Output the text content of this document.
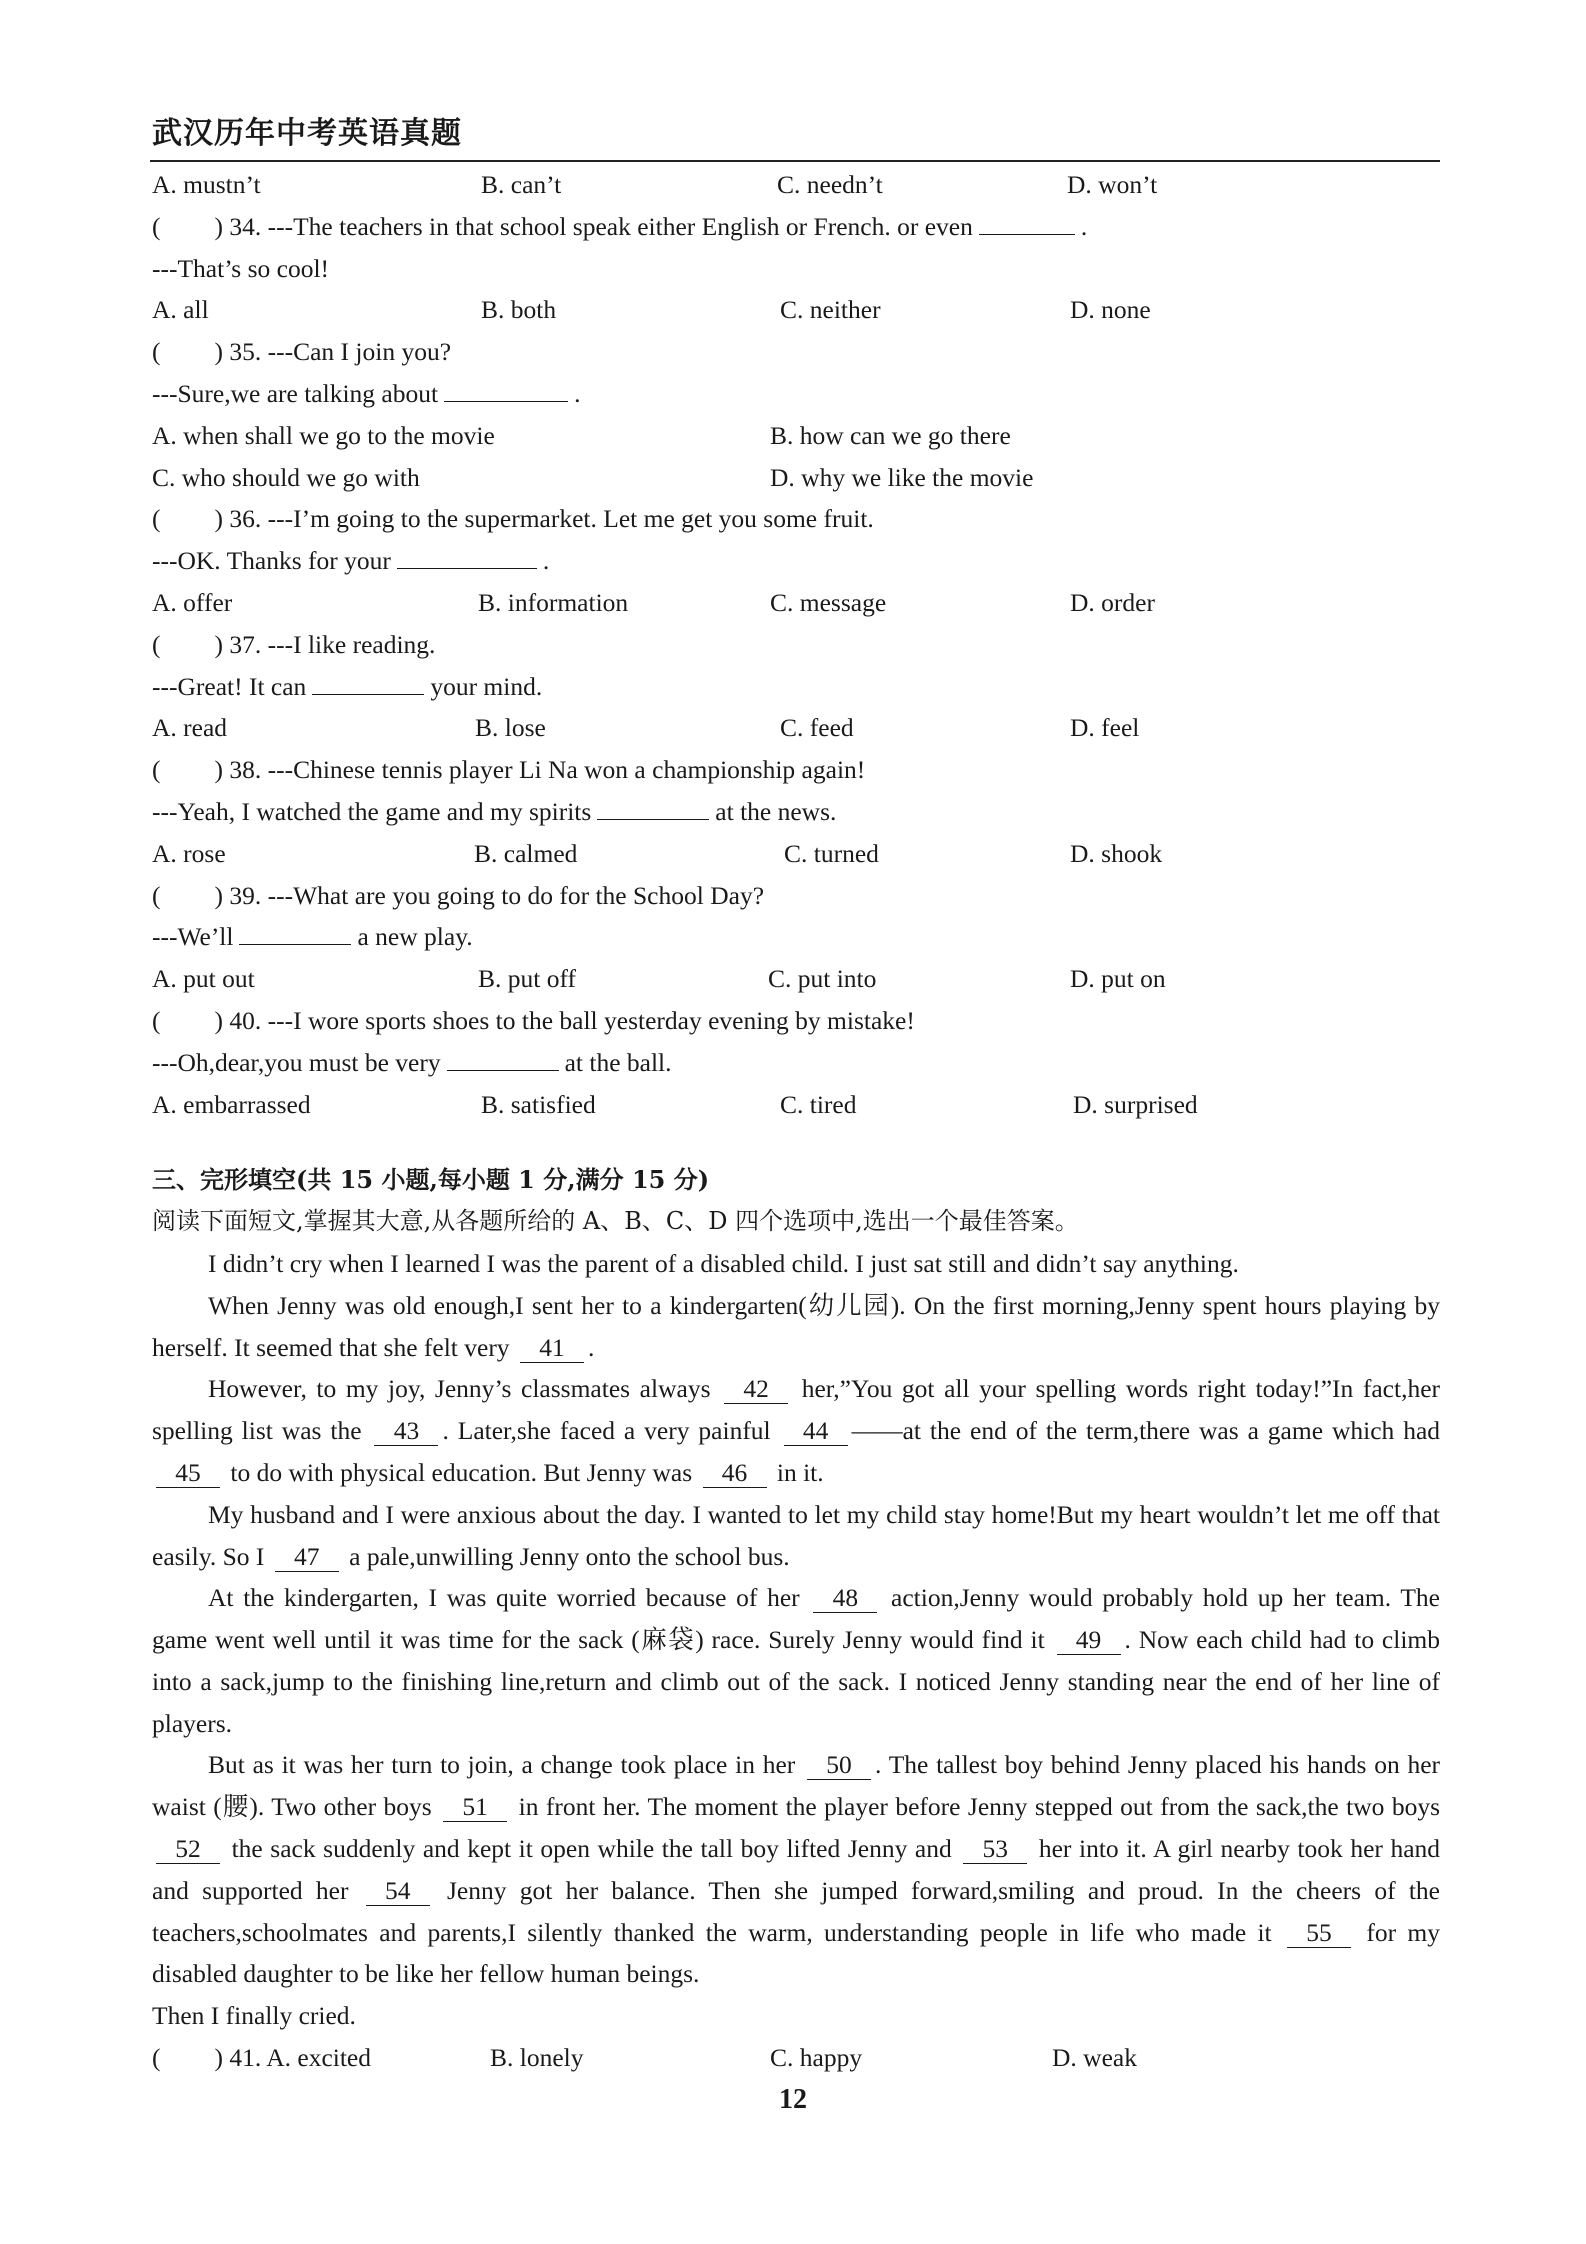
武汉历年中考英语真题
A. mustn’t	B. can’t	C. needn’t	D. won’t
( ) 34. ---The teachers in that school speak either English or French. or even	.
---That’s so cool!
A. all	B. both	C. neither	D. none
( ) 35. ---Can I join you?
---Sure,we are talking about	.
A. when shall we go to the movie	B. how can we go there
C. who should we go with	D. why we like the movie
( ) 36. ---I’m going to the supermarket. Let me get you some fruit.
---OK. Thanks for your	.
A. offer	B. information	C. message	D. order
( ) 37. ---I like reading.
---Great! It can	your mind.
A. read	B. lose	C. feed	D. feel
( ) 38. ---Chinese tennis player Li Na won a championship again!
---Yeah, I watched the game and my spirits	at the news.
A. rose	B. calmed	C. turned	D. shook
( ) 39. ---What are you going to do for the School Day?
---We’ll	a new play.
A. put out	B. put off	C. put into	D. put on
( ) 40. ---I wore sports shoes to the ball yesterday evening by mistake!
---Oh,dear,you must be very	at the ball.
A. embarrassed	B. satisfied	C. tired	D. surprised
三、完形填空(共 15 小题,每小题 1 分,满分 15 分)
阅读下面短文,掌握其大意,从各题所给的 A、B、C、D 四个选项中,选出一个最佳答案。
I didn’t cry when I learned I was the parent of a disabled child. I just sat still and didn’t say anything.
When Jenny was old enough,I sent her to a kindergarten(幼儿园). On the first morning,Jenny spent hours playing by herself. It seemed that she felt very 41 .
However, to my joy, Jenny’s classmates always 42 her,”You got all your spelling words right today!”In fact,her spelling list was the 43 . Later,she faced a very painful 44 ——at the end of the term,there was a game which had 45 to do with physical education. But Jenny was 46 in it.
My husband and I were anxious about the day. I wanted to let my child stay home!But my heart wouldn’t let me off that easily. So I 47 a pale,unwilling Jenny onto the school bus.
At the kindergarten, I was quite worried because of her 48 action,Jenny would probably hold up her team. The game went well until it was time for the sack (麻袋) race. Surely Jenny would find it 49 . Now each child had to climb into a sack,jump to the finishing line,return and climb out of the sack. I noticed Jenny standing near the end of her line of players.
But as it was her turn to join, a change took place in her 50 . The tallest boy behind Jenny placed his hands on her waist (腰). Two other boys 51 in front her. The moment the player before Jenny stepped out from the sack,the two boys 52 the sack suddenly and kept it open while the tall boy lifted Jenny and 53 her into it. A girl nearby took her hand and supported her 54 Jenny got her balance. Then she jumped forward,smiling and proud. In the cheers of the teachers,schoolmates and parents,I silently thanked the warm, understanding people in life who made it 55 for my disabled daughter to be like her fellow human beings.
Then I finally cried.
( ) 41. A. excited	B. lonely	C. happy	D. weak
12
